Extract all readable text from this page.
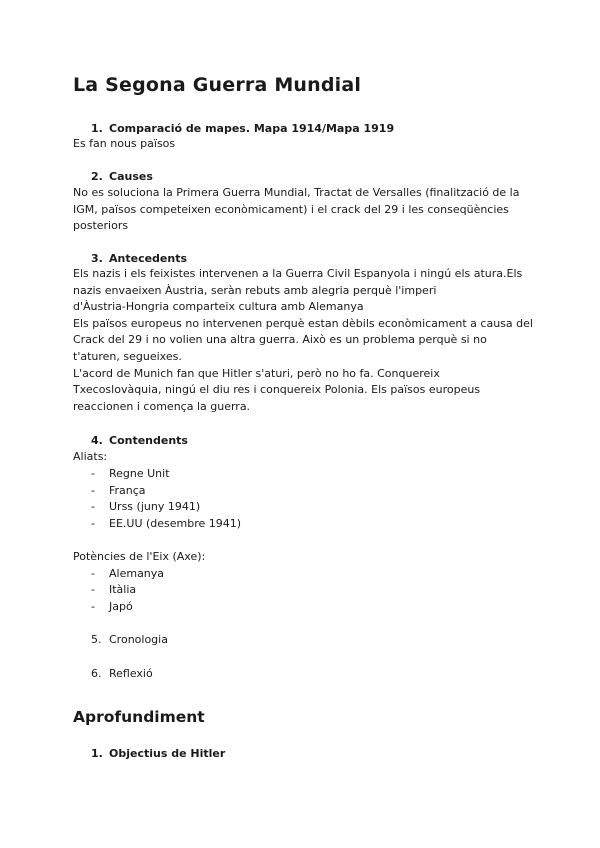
La Segona Guerra Mundial
1. Comparació de mapes. Mapa 1914/Mapa 1919
Es fan nous països
2. Causes
No es soluciona la Primera Guerra Mundial, Tractat de Versalles (finalització de la
IGM, països competeixen econòmicament) i el crack del 29 i les conseqüències
posteriors
3. Antecedents
Els nazis i els feixistes intervenen a la Guerra Civil Espanyola i ningú els atura.Els
nazis envaeixen Àustria, seràn rebuts amb alegria perquè l'imperi
d'Àustria-Hongria comparteix cultura amb Alemanya
Els països europeus no intervenen perquè estan dèbils econòmicament a causa del
Crack del 29 i no volien una altra guerra. Això es un problema perquè si no
t'aturen, segueixes.
L'acord de Munich fan que Hitler s'aturi, però no ho fa. Conquereix
Txecoslovàquia, ningú el diu res i conquereix Polonia. Els països europeus
reaccionen i comença la guerra.
4. Contendents
Aliats:
- Regne Unit
- França
- Urss (juny 1941)
- EE.UU (desembre 1941)
Potències de l'Eix (Axe):
- Alemanya
- Itàlia
- Japó
5. Cronologia
6. Reflexió
Aprofundiment
1. Objectius de Hitler
